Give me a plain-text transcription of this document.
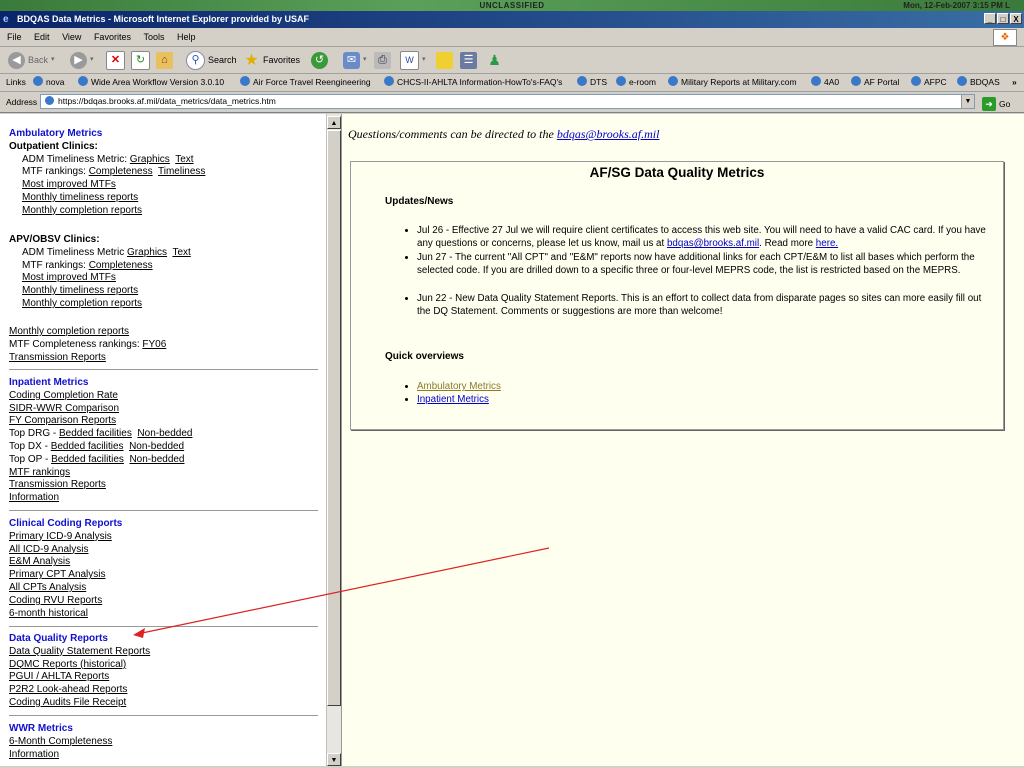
UNCLASSIFIED	Mon, 12-Feb-2007 3:15 PM L
e BDQAS Data Metrics - Microsoft Internet Explorer provided by USAF	_	□ X
File Edit View Favorites Tools Help	❖
◀ Back ▾	▶	▾	✕	↻	⌂	⚲ Search ★ Favorites	↺	✉ ▾	⎙	W	▾	☰ ♟
Links	nova	Wide Area Workflow Version 3.0.10	Air Force Travel Reengineering	CHCS-II-AHLTA Information-HowTo's-FAQ's	DTS	e-room	Military Reports at Military.com	4A0	AF Portal	AFPC	BDQAS »
Address	https://bdqas.brooks.af.mil/data_metrics/data_metrics.htm	▼	➜ Go
Ambulatory Metrics
Outpatient Clinics:
ADM Timeliness Metric: Graphics Text
MTF rankings: Completeness Timeliness
Most improved MTFs
Monthly timeliness reports
Monthly completion reports
APV/OBSV Clinics:
ADM Timeliness Metric Graphics Text
MTF rankings: Completeness
Most improved MTFs
Monthly timeliness reports
Monthly completion reports
Monthly completion reports
MTF Completeness rankings: FY06
Transmission Reports
Inpatient Metrics
Coding Completion Rate
SIDR-WWR Comparison
FY Comparison Reports
Top DRG - Bedded facilities Non-bedded
Top DX - Bedded facilities Non-bedded
Top OP - Bedded facilities Non-bedded
MTF rankings
Transmission Reports
Information
Clinical Coding Reports
Primary ICD-9 Analysis
All ICD-9 Analysis
E&M Analysis
Primary CPT Analysis
All CPTs Analysis
Coding RVU Reports
6-month historical
Data Quality Reports
Data Quality Statement Reports
DQMC Reports (historical)
PGUI / AHLTA Reports
P2R2 Look-ahead Reports
Coding Audits File Receipt
WWR Metrics
6-Month Completeness
Information
▲
▼
Questions/comments can be directed to the bdqas@brooks.af.mil
AF/SG Data Quality Metrics
Updates/News
• Jul 26 - Effective 27 Jul we will require client certificates to access this web site. You will need to have a valid CAC card. If you have any questions or concerns, please let us know, mail us at bdqas@brooks.af.mil. Read more here.
• Jun 27 - The current "All CPT" and "E&M" reports now have additional links for each CPT/E&M to list all bases which perform the selected code. If you are drilled down to a specific three or four-level MEPRS code, the list is restricted based on the MEPRS.
• Jun 22 - New Data Quality Statement Reports. This is an effort to collect data from disparate pages so sites can more easily fill out the DQ Statement. Comments or suggestions are more than welcome!
Quick overviews
• Ambulatory Metrics
• Inpatient Metrics
